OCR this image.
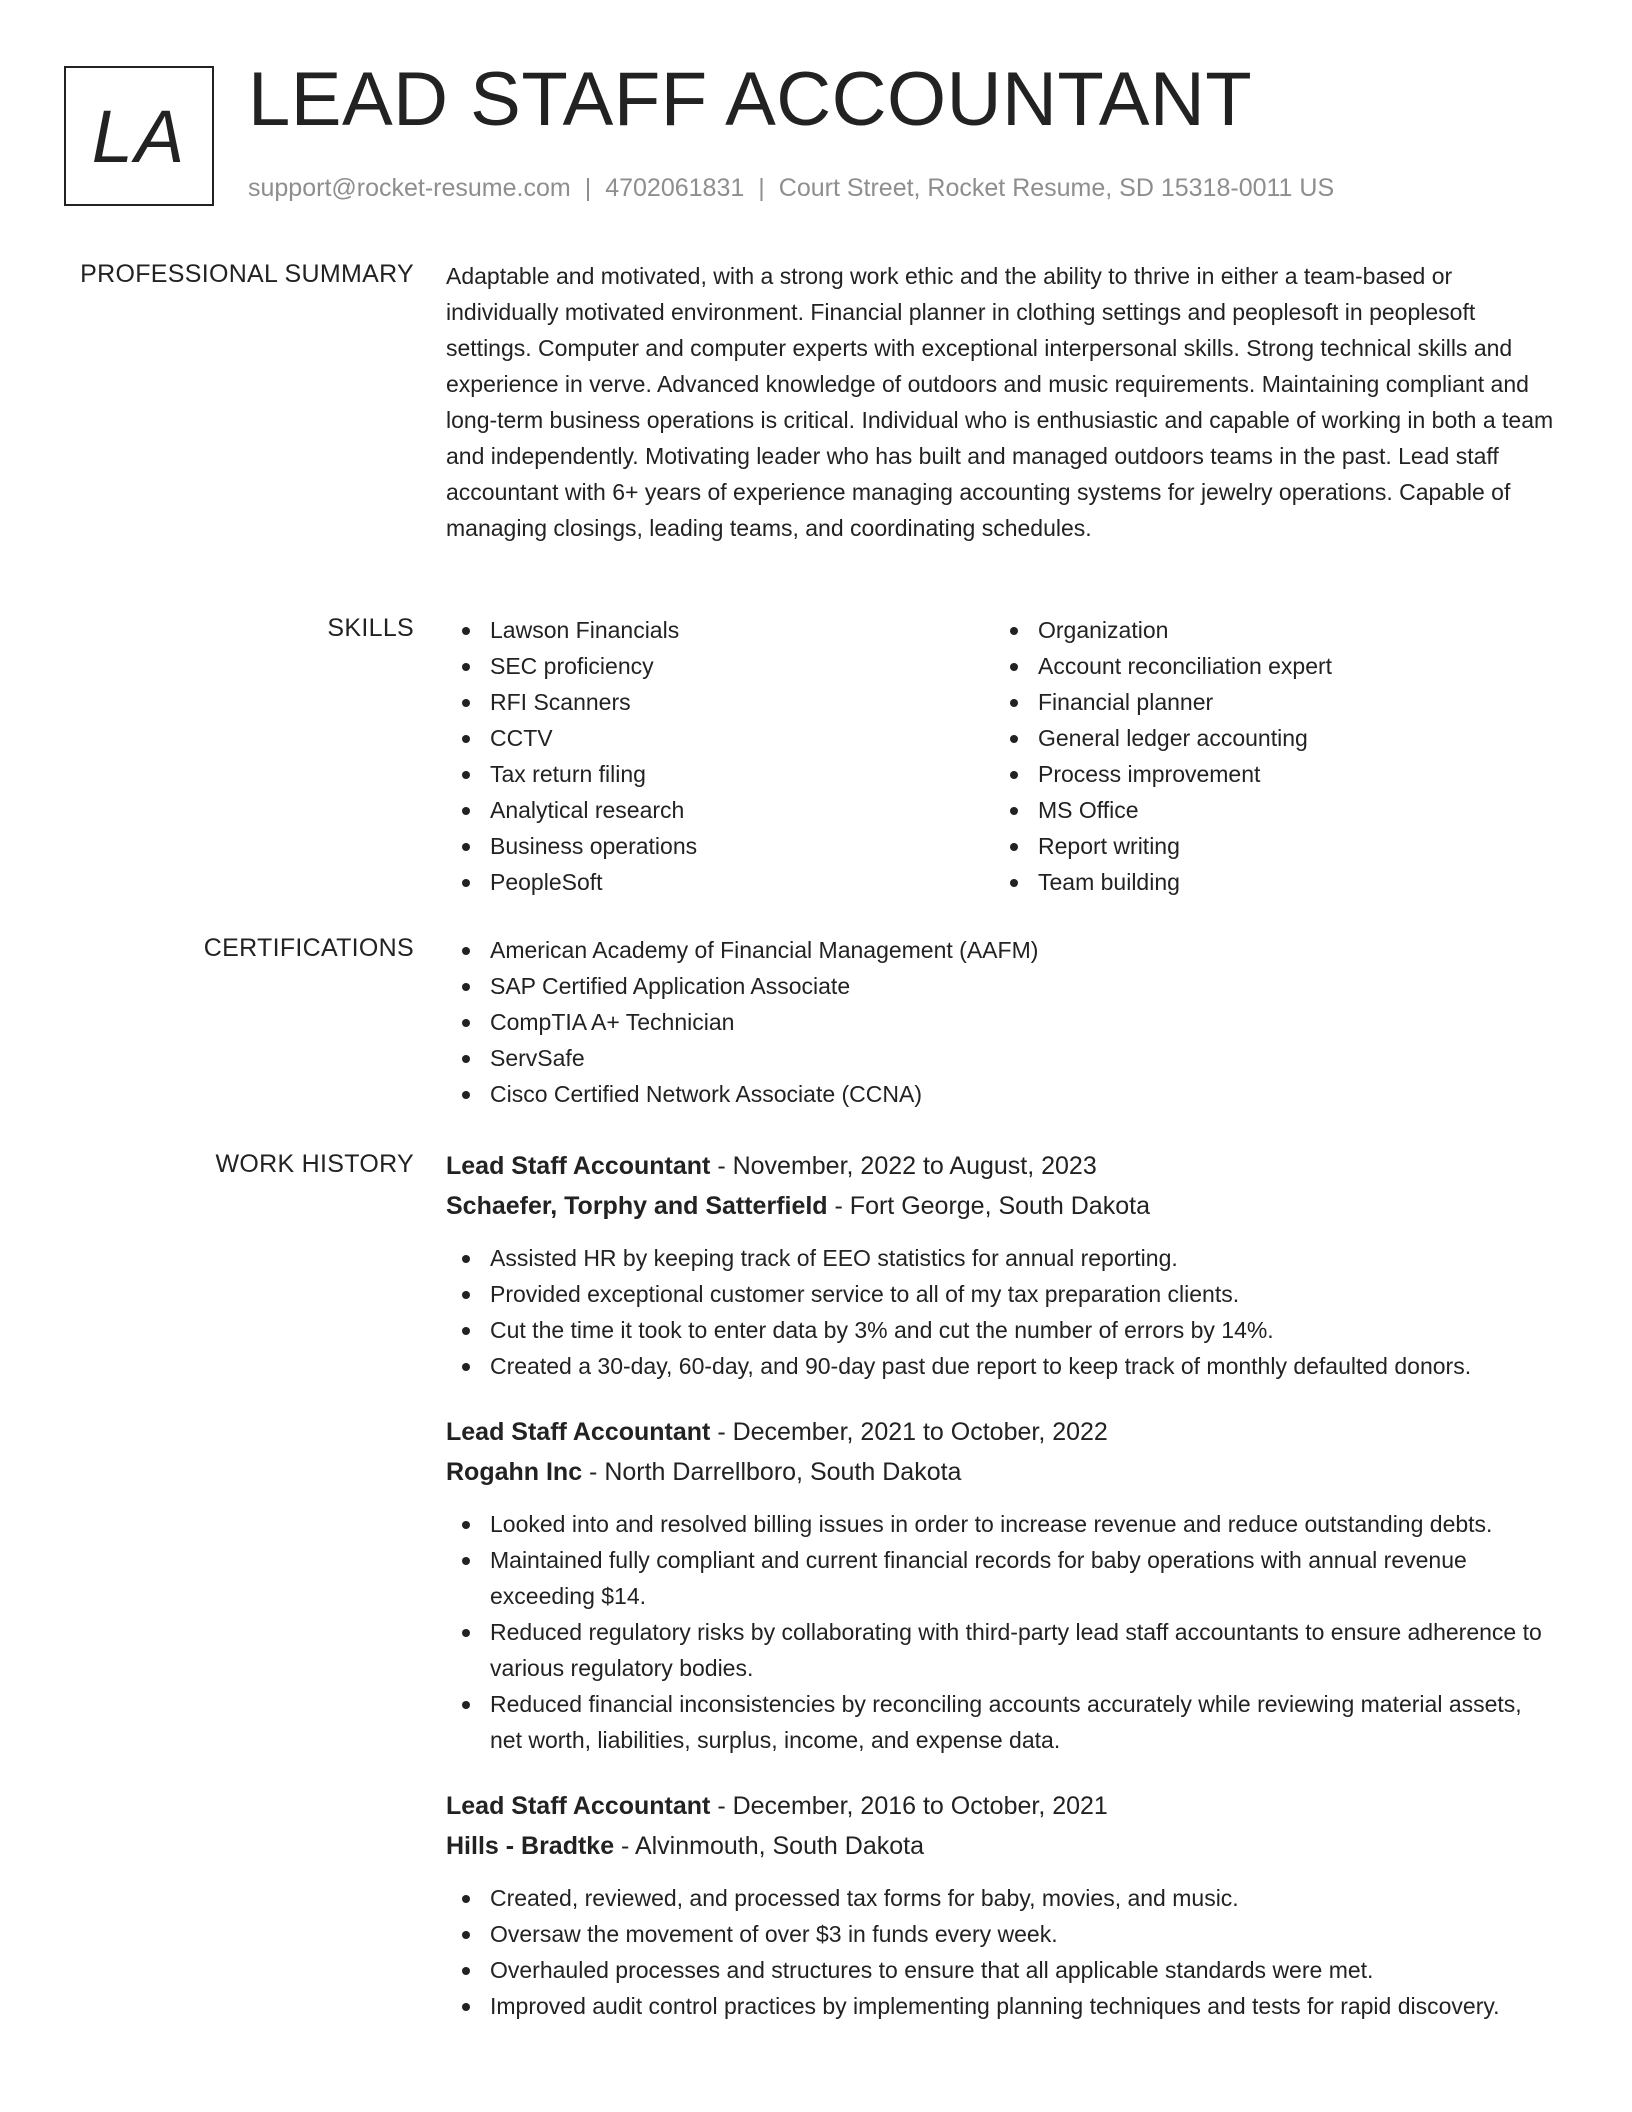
LA LEAD STAFF ACCOUNTANT
support@rocket-resume.com | 4702061831 | Court Street, Rocket Resume, SD 15318-0011 US
PROFESSIONAL SUMMARY Adaptable and motivated, with a strong work ethic and the ability to thrive in either a team-based or individually motivated environment. Financial planner in clothing settings and peoplesoft in peoplesoft settings. Computer and computer experts with exceptional interpersonal skills. Strong technical skills and experience in verve. Advanced knowledge of outdoors and music requirements. Maintaining compliant and long-term business operations is critical. Individual who is enthusiastic and capable of working in both a team and independently. Motivating leader who has built and managed outdoors teams in the past. Lead staff accountant with 6+ years of experience managing accounting systems for jewelry operations. Capable of managing closings, leading teams, and coordinating schedules.
SKILLS	Lawson Financials
SEC proficiency
RFI Scanners
CCTV
Tax return filing
Analytical research
Business operations
PeopleSoft
Organization
Account reconciliation expert
Financial planner
General ledger accounting
Process improvement
MS Office
Report writing
Team building
CERTIFICATIONS	American Academy of Financial Management (AAFM)
SAP Certified Application Associate
CompTIA A+ Technician
ServSafe
Cisco Certified Network Associate (CCNA)
WORK HISTORY Lead Staff Accountant - November, 2022 to August, 2023
Schaefer, Torphy and Satterfield - Fort George, South Dakota
Assisted HR by keeping track of EEO statistics for annual reporting.
Provided exceptional customer service to all of my tax preparation clients.
Cut the time it took to enter data by 3% and cut the number of errors by 14%.
Created a 30-day, 60-day, and 90-day past due report to keep track of monthly defaulted donors.
Lead Staff Accountant - December, 2021 to October, 2022
Rogahn Inc - North Darrellboro, South Dakota
Looked into and resolved billing issues in order to increase revenue and reduce outstanding debts.
Maintained fully compliant and current financial records for baby operations with annual revenue exceeding $14.
Reduced regulatory risks by collaborating with third-party lead staff accountants to ensure adherence to various regulatory bodies.
Reduced financial inconsistencies by reconciling accounts accurately while reviewing material assets, net worth, liabilities, surplus, income, and expense data.
Lead Staff Accountant - December, 2016 to October, 2021
Hills - Bradtke - Alvinmouth, South Dakota
Created, reviewed, and processed tax forms for baby, movies, and music.
Oversaw the movement of over $3 in funds every week.
Overhauled processes and structures to ensure that all applicable standards were met.
Improved audit control practices by implementing planning techniques and tests for rapid discovery.
